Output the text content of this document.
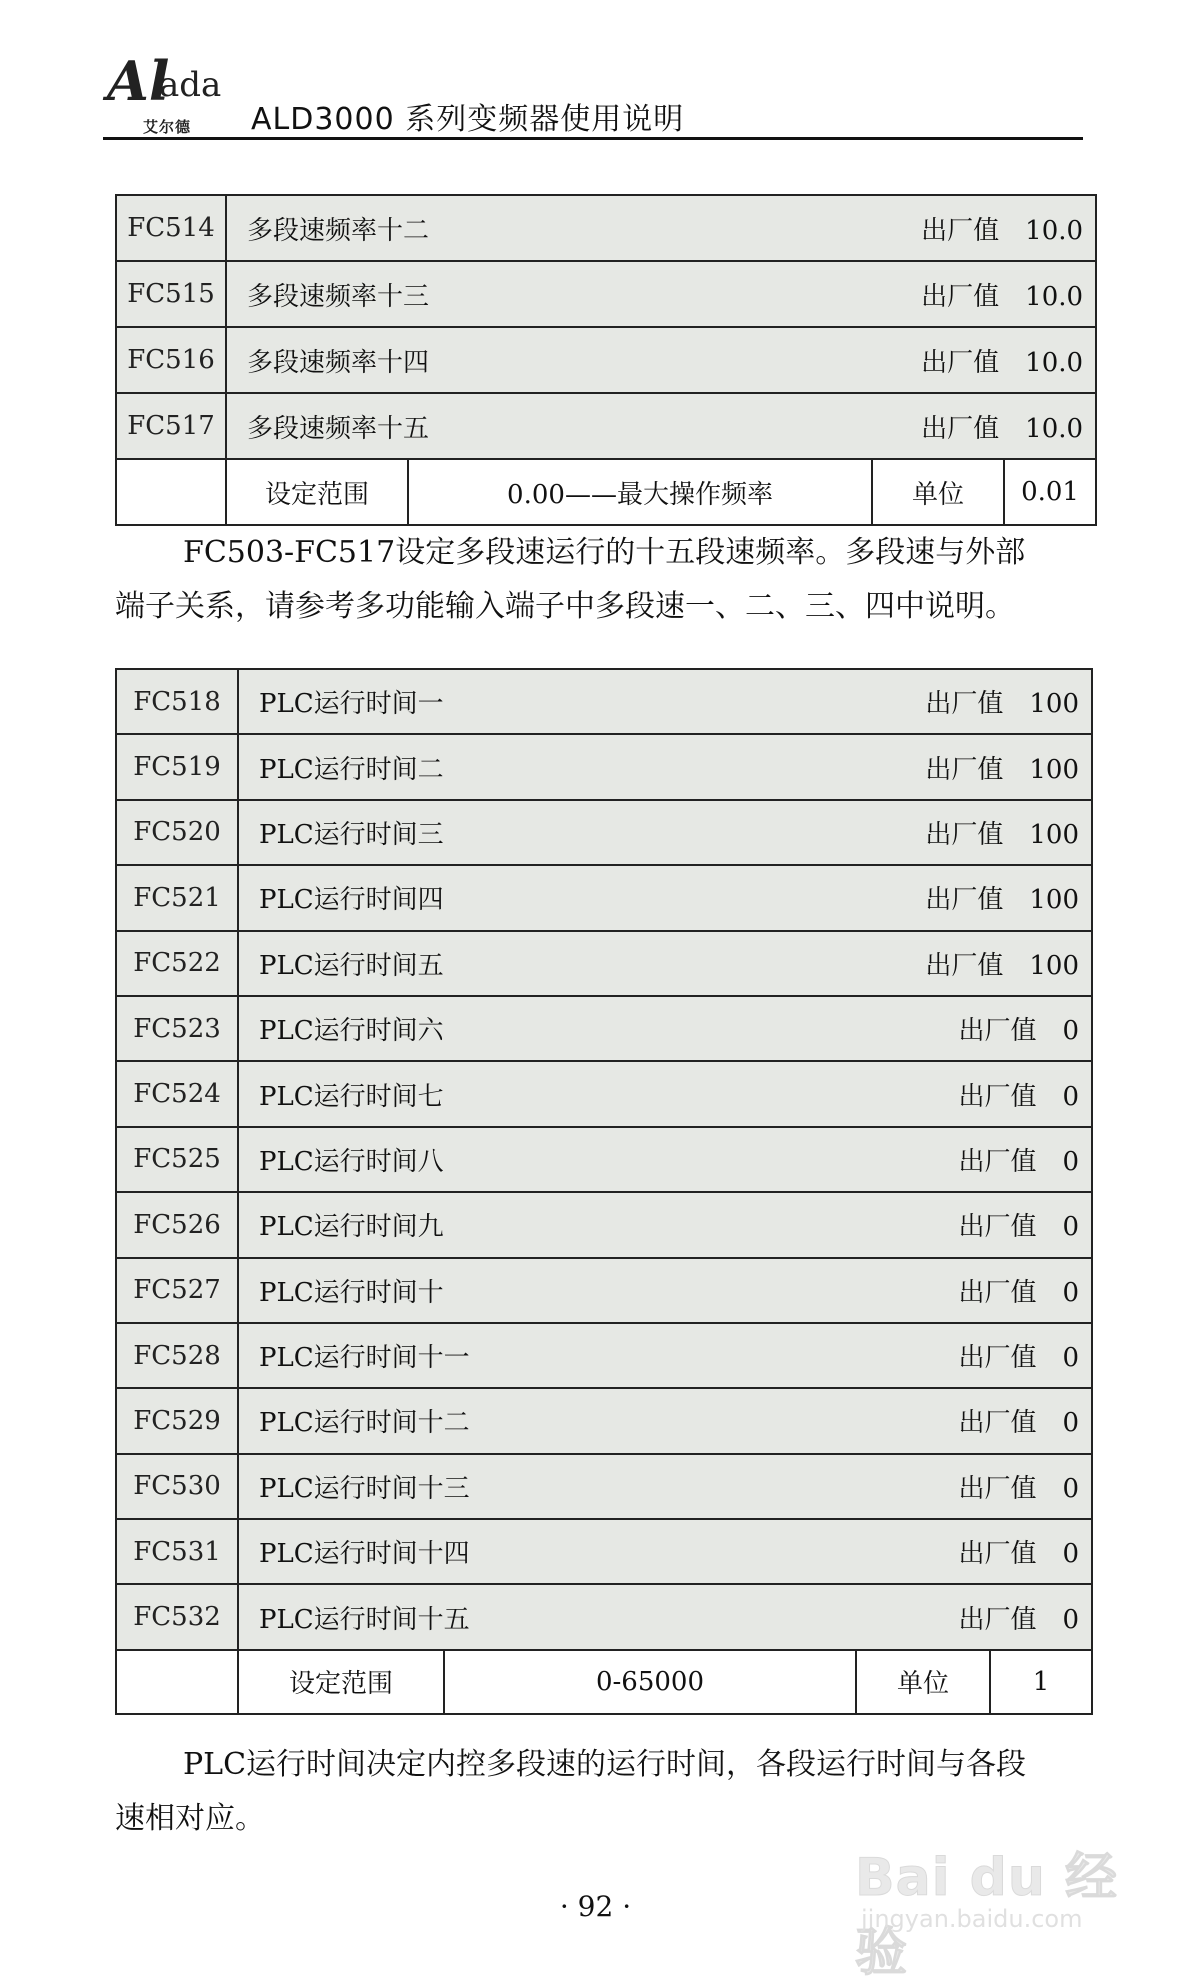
Al
ada
艾尔德 ALD3000 系列变频器使用说明
FC514	多段速频率十二 出厂值 10.0			

FC515	多段速频率十三 出厂值 10.0			

FC516	多段速频率十四 出厂值 10.0			

FC517	多段速频率十五 出厂值 10.0			

	设定范围	0.00——最大操作频率	单位	0.01
FC503-FC517设定多段速运行的十五段速频率。多段速与外部
端子关系，请参考多功能输入端子中多段速一、二、三、四中说明。
FC518	PLC运行时间一 出厂值 100			

FC519	PLC运行时间二 出厂值 100			

FC520	PLC运行时间三 出厂值 100			

FC521	PLC运行时间四 出厂值 100			

FC522	PLC运行时间五 出厂值 100			

FC523	PLC运行时间六 出厂值 0			

FC524	PLC运行时间七 出厂值 0			

FC525	PLC运行时间八 出厂值 0			

FC526	PLC运行时间九 出厂值 0			

FC527	PLC运行时间十 出厂值 0			

FC528	PLC运行时间十一 出厂值 0			

FC529	PLC运行时间十二 出厂值 0			

FC530	PLC运行时间十三 出厂值 0			

FC531	PLC运行时间十四 出厂值 0			

FC532	PLC运行时间十五 出厂值 0			

	设定范围	0-65000	单位	1
PLC运行时间决定内控多段速的运行时间，各段运行时间与各段
速相对应。
· 92 ·	Bai du 经验
jingyan.baidu.com
